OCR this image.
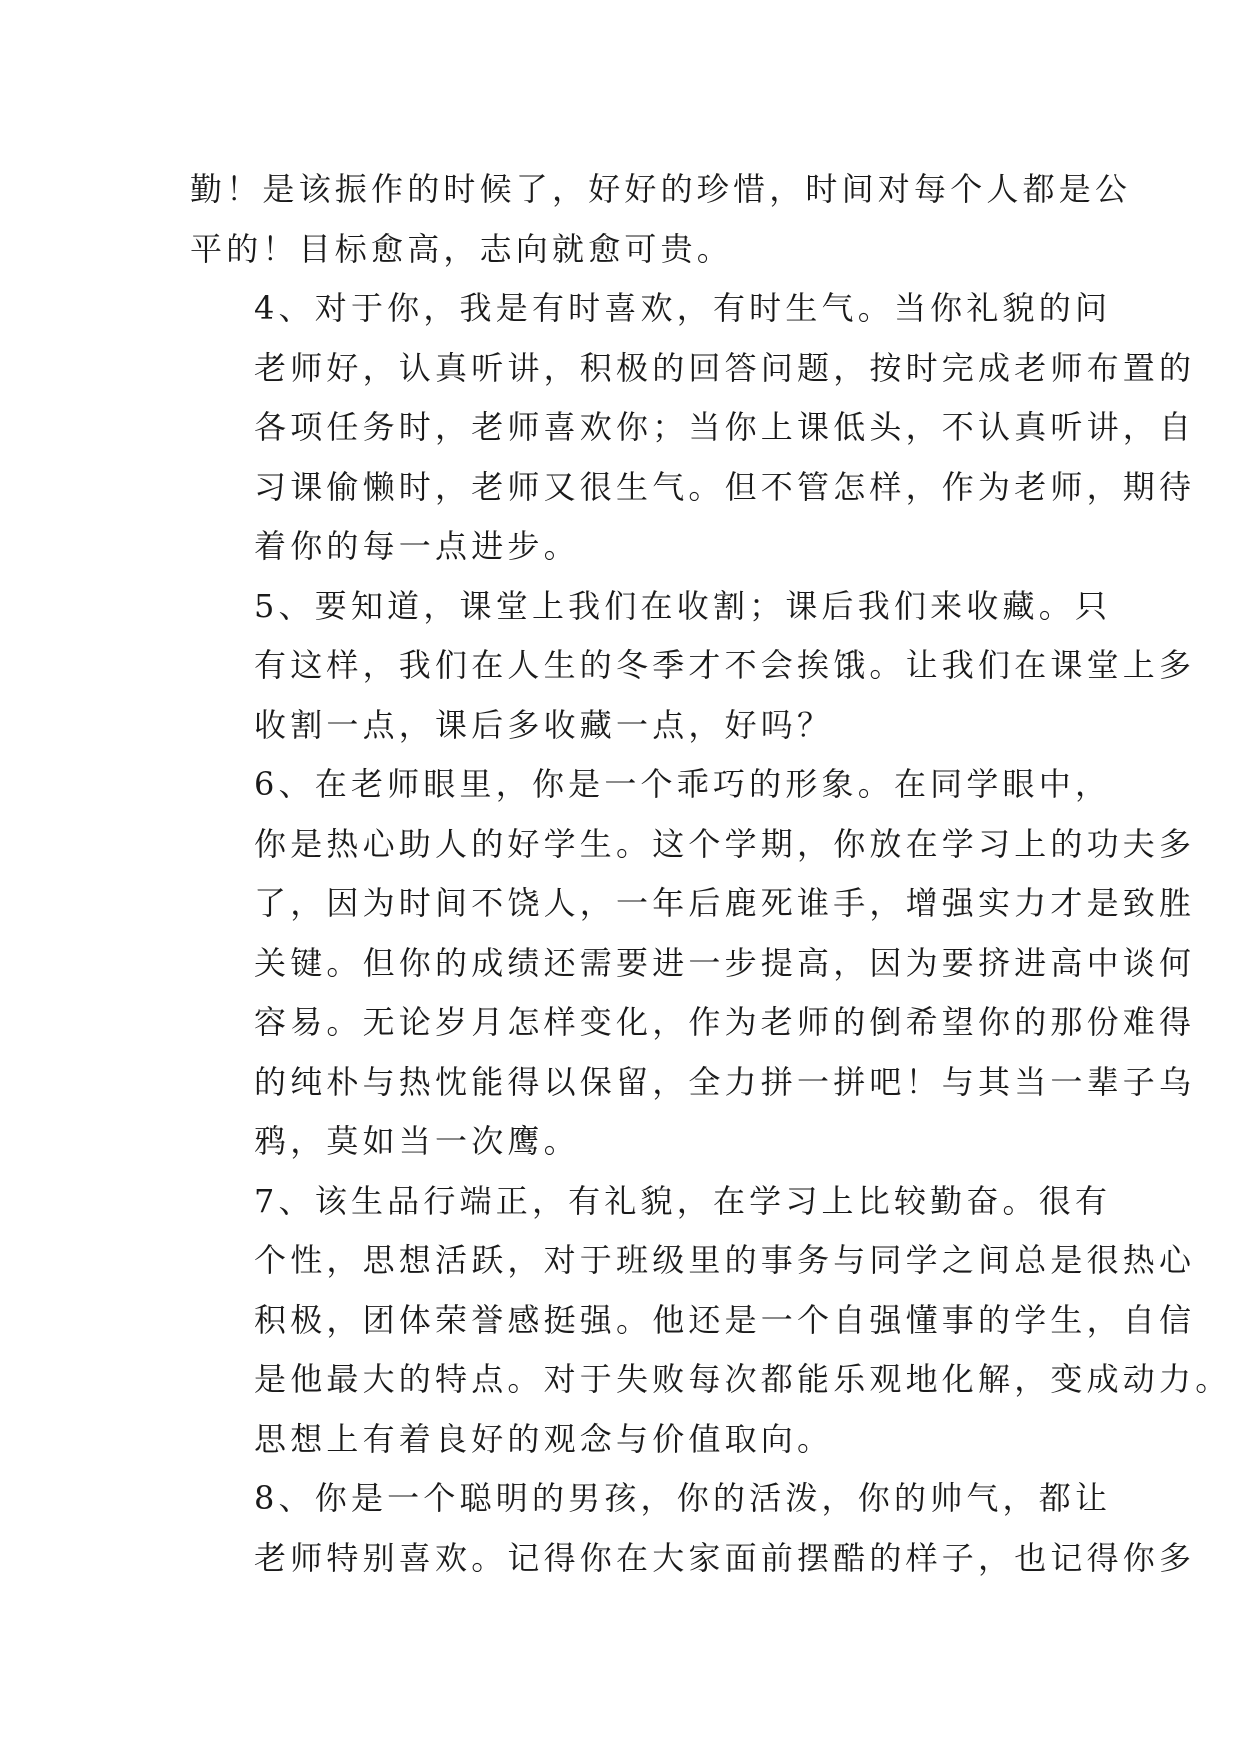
勤！是该振作的时候了，好好的珍惜，时间对每个人都是公
平的！目标愈高，志向就愈可贵。
4、对于你，我是有时喜欢，有时生气。当你礼貌的问
老师好，认真听讲，积极的回答问题，按时完成老师布置的
各项任务时，老师喜欢你；当你上课低头，不认真听讲，自
习课偷懒时，老师又很生气。但不管怎样，作为老师，期待
着你的每一点进步。
5、要知道，课堂上我们在收割；课后我们来收藏。只
有这样，我们在人生的冬季才不会挨饿。让我们在课堂上多
收割一点，课后多收藏一点，好吗？
6、在老师眼里，你是一个乖巧的形象。在同学眼中，
你是热心助人的好学生。这个学期，你放在学习上的功夫多
了，因为时间不饶人，一年后鹿死谁手，增强实力才是致胜
关键。但你的成绩还需要进一步提高，因为要挤进高中谈何
容易。无论岁月怎样变化，作为老师的倒希望你的那份难得
的纯朴与热忱能得以保留，全力拼一拼吧！与其当一辈子乌
鸦，莫如当一次鹰。
7、该生品行端正，有礼貌，在学习上比较勤奋。很有
个性，思想活跃，对于班级里的事务与同学之间总是很热心
积极，团体荣誉感挺强。他还是一个自强懂事的学生，自信
是他最大的特点。对于失败每次都能乐观地化解，变成动力。
思想上有着良好的观念与价值取向。
8、你是一个聪明的男孩，你的活泼，你的帅气，都让
老师特别喜欢。记得你在大家面前摆酷的样子，也记得你多
